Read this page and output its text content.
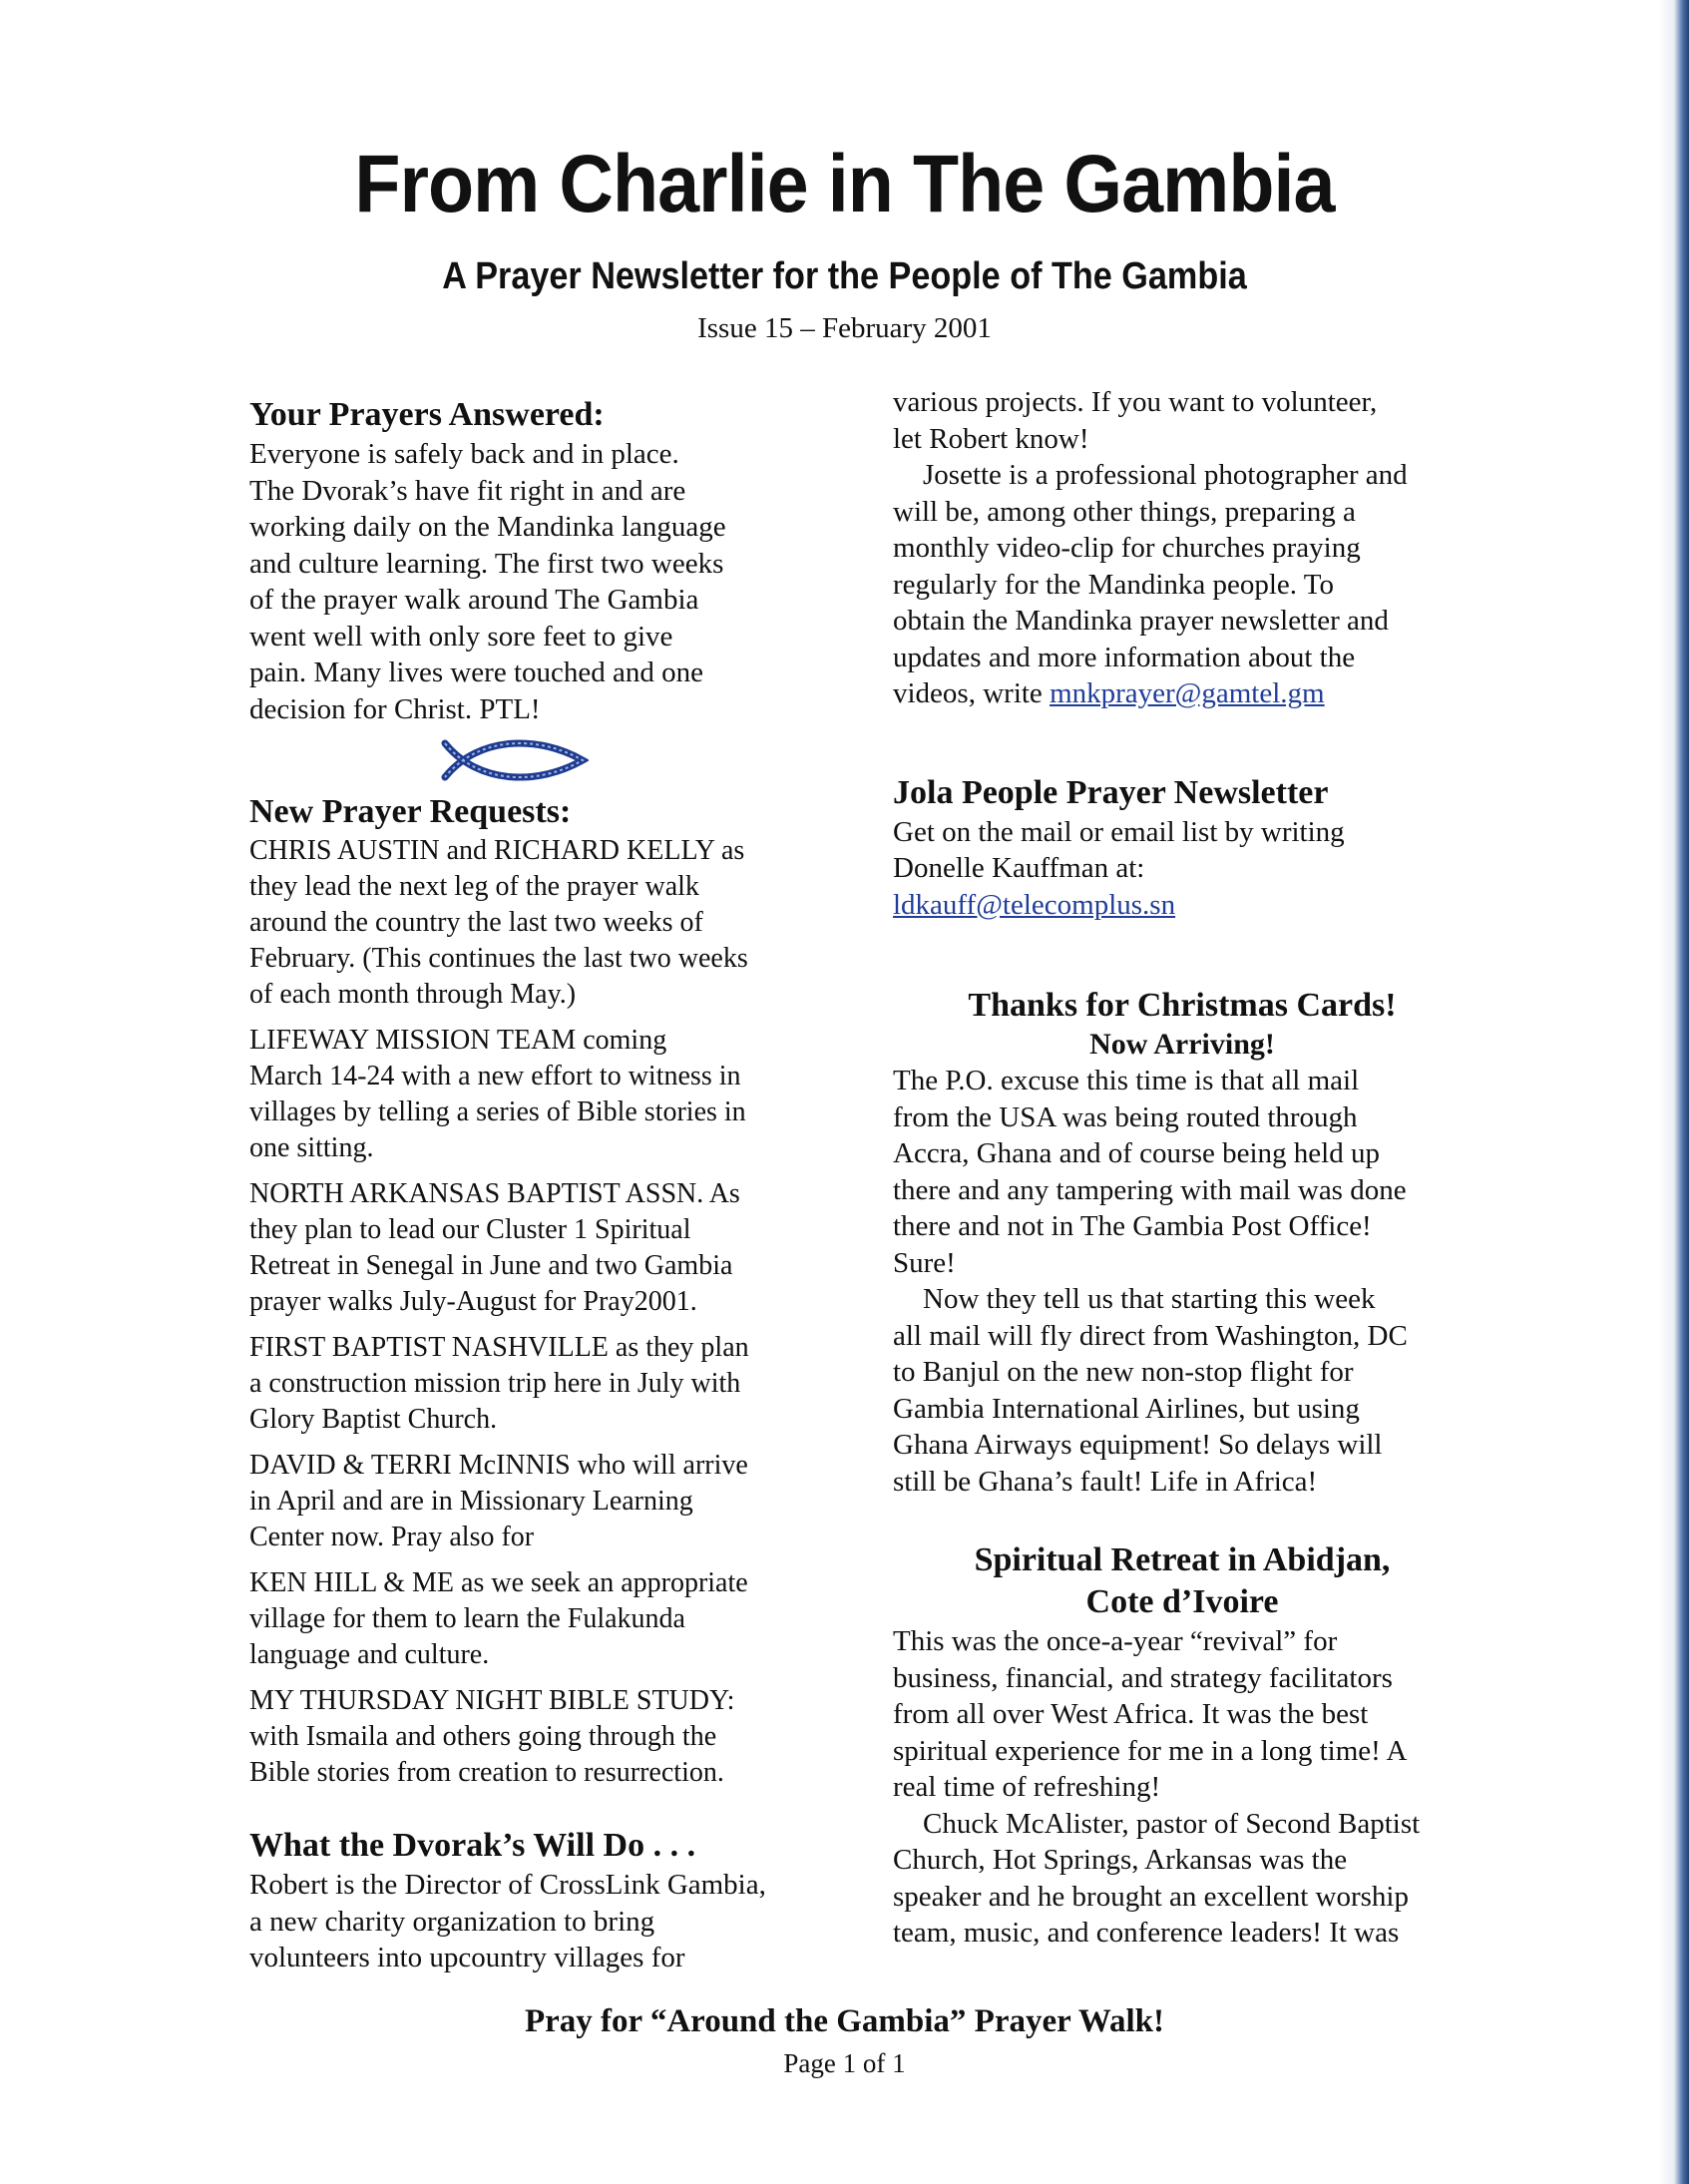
From Charlie in The Gambia
A Prayer Newsletter for the People of The Gambia
Issue 15 – February 2001
Your Prayers Answered:
Everyone is safely back and in place.
The Dvorak’s have fit right in and are
working daily on the Mandinka language
and culture learning. The first two weeks
of the prayer walk around The Gambia
went well with only sore feet to give
pain. Many lives were touched and one
decision for Christ. PTL!
New Prayer Requests:
CHRIS AUSTIN and RICHARD KELLY as
they lead the next leg of the prayer walk
around the country the last two weeks of
February. (This continues the last two weeks
of each month through May.)
LIFEWAY MISSION TEAM coming
March 14-24 with a new effort to witness in
villages by telling a series of Bible stories in
one sitting.
NORTH ARKANSAS BAPTIST ASSN. As
they plan to lead our Cluster 1 Spiritual
Retreat in Senegal in June and two Gambia
prayer walks July-August for Pray2001.
FIRST BAPTIST NASHVILLE as they plan
a construction mission trip here in July with
Glory Baptist Church.
DAVID & TERRI McINNIS who will arrive
in April and are in Missionary Learning
Center now. Pray also for
KEN HILL & ME as we seek an appropriate
village for them to learn the Fulakunda
language and culture.
MY THURSDAY NIGHT BIBLE STUDY:
with Ismaila and others going through the
Bible stories from creation to resurrection.
What the Dvorak’s Will Do . . .
Robert is the Director of CrossLink Gambia,
a new charity organization to bring
volunteers into upcountry villages for
various projects. If you want to volunteer,
let Robert know!
Josette is a professional photographer and
will be, among other things, preparing a
monthly video-clip for churches praying
regularly for the Mandinka people. To
obtain the Mandinka prayer newsletter and
updates and more information about the
videos, write mnkprayer@gamtel.gm
Jola People Prayer Newsletter
Get on the mail or email list by writing
Donelle Kauffman at:
ldkauff@telecomplus.sn
Thanks for Christmas Cards!
Now Arriving!
The P.O. excuse this time is that all mail
from the USA was being routed through
Accra, Ghana and of course being held up
there and any tampering with mail was done
there and not in The Gambia Post Office!
Sure!
Now they tell us that starting this week
all mail will fly direct from Washington, DC
to Banjul on the new non-stop flight for
Gambia International Airlines, but using
Ghana Airways equipment! So delays will
still be Ghana’s fault! Life in Africa!
Spiritual Retreat in Abidjan,
Cote d’Ivoire
This was the once-a-year “revival” for
business, financial, and strategy facilitators
from all over West Africa. It was the best
spiritual experience for me in a long time! A
real time of refreshing!
Chuck McAlister, pastor of Second Baptist
Church, Hot Springs, Arkansas was the
speaker and he brought an excellent worship
team, music, and conference leaders! It was
Pray for “Around the Gambia” Prayer Walk!
Page 1 of 1
